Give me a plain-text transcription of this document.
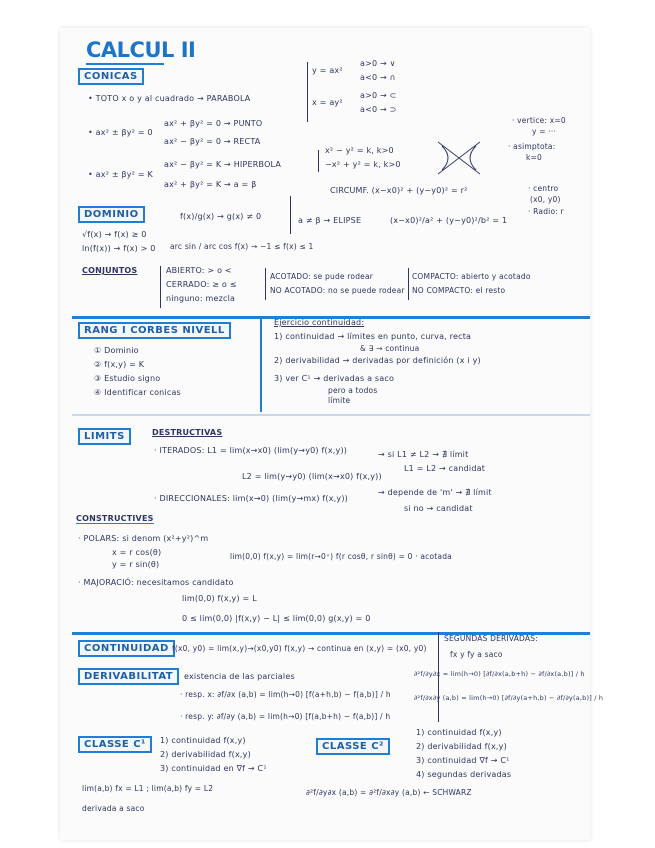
CALCUL II
CONICAS
• TOTO x o y al cuadrado → PARABOLA
y = ax²
a>0 → ∨
a<0 → ∩
x = ay²
a>0 → ⊂
a<0 → ⊃
• ax² ± βy² = 0
ax² + βy² = 0 → PUNTO
ax² − βy² = 0 → RECTA
• ax² ± βy² = K
ax² − βy² = K → HIPERBOLA
ax² + βy² = K → a = β
x² − y² = k, k>0
−x² + y² = k, k>0
· vertice: x=0
y = ···
· asimptota:
k=0
· centro
(x0, y0)
· Radio: r
CIRCUMF. (x−x0)² + (y−y0)² = r²
a ≠ β → ELIPSE	(x−x0)²/a² + (y−y0)²/b² = 1
DOMINIO	f(x)/g(x) → g(x) ≠ 0
√f(x) → f(x) ≥ 0
ln(f(x)) → f(x) > 0 arc sin / arc cos f(x) → −1 ≤ f(x) ≤ 1
CONJUNTOS	ABIERTO: > o <
CERRADO: ≥ o ≤
ninguno: mezcla
ACOTADO: se pude rodear
NO ACOTADO: no se puede rodear
COMPACTO: abierto y acotado
NO COMPACTO: el resto
RANG I CORBES NIVELL
① Dominio
② f(x,y) = K
③ Estudio signo
④ Identificar conicas
Ejercicio continuidad:
1) continuidad → límites en punto, curva, recta
& ∃ → continua
2) derivabilidad → derivadas por definición (x i y)
3) ver C¹ → derivadas a saco
pero a todos
límite
LIMITS	DESTRUCTIVAS
· ITERADOS: L1 = lim(x→x0) (lim(y→y0) f(x,y))
L2 = lim(y→y0) (lim(x→x0) f(x,y))
→ si L1 ≠ L2 → ∄ límit
L1 = L2 → candidat
· DIRECCIONALES: lim(x→0) (lim(y→mx) f(x,y))
→ depende de 'm' → ∄ límit
si no → candidat
CONSTRUCTIVES
· POLARS: si denom (x²+y²)^m
x = r cos(θ)
y = r sin(θ)
lim(0,0) f(x,y) = lim(r→0⁺) f(r cosθ, r sinθ) = 0 · acotada
· MAJORACIÓ: necesitamos candidato
lim(0,0) f(x,y) = L
0 ≤ lim(0,0) |f(x,y) − L| ≤ lim(0,0) g(x,y) = 0
CONTINUIDAD f(x0, y0) = lim(x,y)→(x0,y0) f(x,y) → continua en (x,y) = (x0, y0)
DERIVABILITAT	existencia de las parciales
· resp. x: ∂f/∂x (a,b) = lim(h→0) [f(a+h,b) − f(a,b)] / h
· resp. y: ∂f/∂y (a,b) = lim(h→0) [f(a,b+h) − f(a,b)] / h
SEGUNDAS DERIVADAS:
fx y fy a saco
∂²f/∂y∂x = lim(h→0) [∂f/∂x(a,b+h) − ∂f/∂x(a,b)] / h
∂²f/∂x∂y (a,b) = lim(h→0) [∂f/∂y(a+h,b) − ∂f/∂y(a,b)] / h
CLASSE C¹	1) continuidad f(x,y)
2) derivabilidad f(x,y)
3) continuidad en ∇f → C¹
lim(a,b) fx = L1 ; lim(a,b) fy = L2
derivada a saco
CLASSE C²
1) continuidad f(x,y)
2) derivabilidad f(x,y)
3) continuidad ∇f → C¹
4) segundas derivadas
∂²f/∂y∂x (a,b) = ∂²f/∂x∂y (a,b) ← SCHWARZ
